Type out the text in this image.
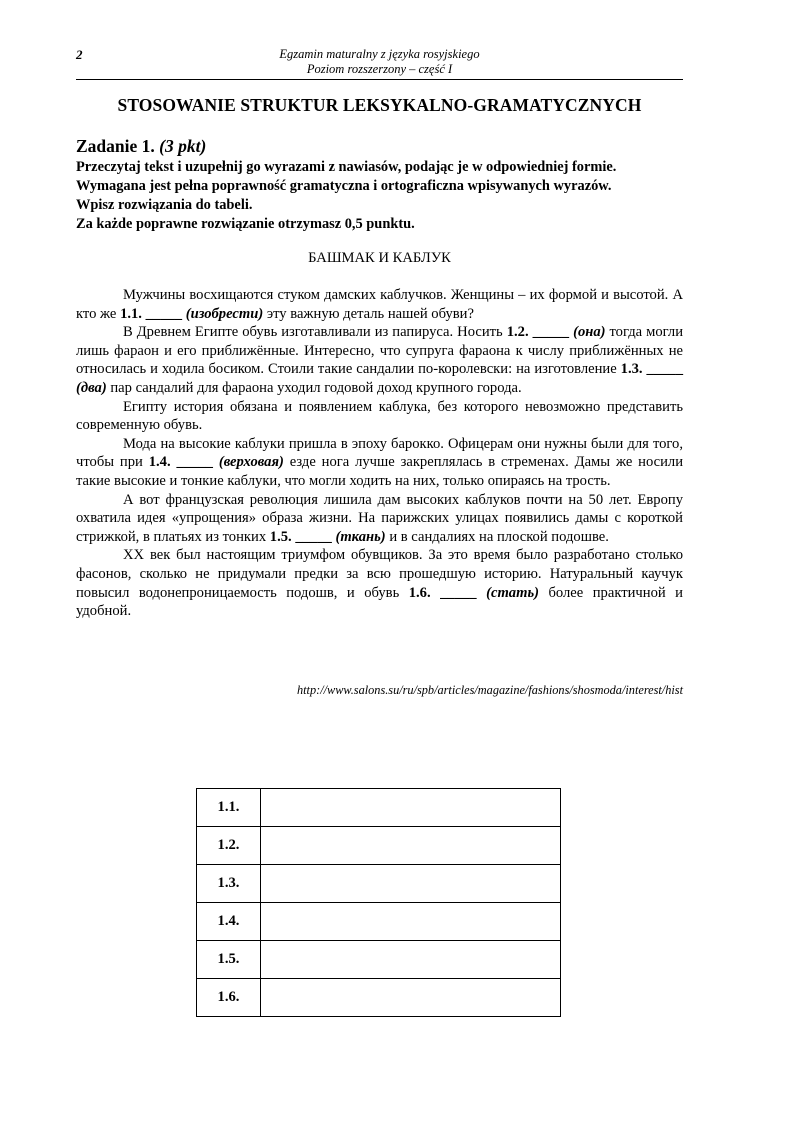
2	Egzamin maturalny z języka rosyjskiego
Poziom rozszerzony – część I
STOSOWANIE STRUKTUR LEKSYKALNO-GRAMATYCZNYCH
Zadanie 1. (3 pkt)
Przeczytaj tekst i uzupełnij go wyrazami z nawiasów, podając je w odpowiedniej formie.
Wymagana jest pełna poprawność gramatyczna i ortograficzna wpisywanych wyrazów.
Wpisz rozwiązania do tabeli.
Za każde poprawne rozwiązanie otrzymasz 0,5 punktu.
БАШМАК И КАБЛУК

Мужчины восхищаются стуком дамских каблучков. Женщины – их формой и высотой. А кто же 1.1. _____ (изобрести) эту важную деталь нашей обуви?

В Древнем Египте обувь изготавливали из папируса. Носить 1.2. _____ (она) тогда могли лишь фараон и его приближённые. Интересно, что супруга фараона к числу приближённых не относилась и ходила босиком. Стоили такие сандалии по-королевски: на изготовление 1.3. _____ (два) пар сандалий для фараона уходил годовой доход крупного города.

Египту история обязана и появлением каблука, без которого невозможно представить современную обувь.

Мода на высокие каблуки пришла в эпоху барокко. Офицерам они нужны были для того, чтобы при 1.4. _____ (верховая) езде нога лучше закреплялась в стременах. Дамы же носили такие высокие и тонкие каблуки, что могли ходить на них, только опираясь на трость.

А вот французская революция лишила дам высоких каблуков почти на 50 лет. Европу охватила идея «упрощения» образа жизни. На парижских улицах появились дамы с короткой стрижкой, в платьях из тонких 1.5. _____ (ткань) и в сандалиях на плоской подошве.

XX век был настоящим триумфом обувщиков. За это время было разработано столько фасонов, сколько не придумали предки за всю прошедшую историю. Натуральный каучук повысил водонепроницаемость подошв, и обувь 1.6. _____ (стать) более практичной и удобной.

http://www.salons.su/ru/spb/articles/magazine/fashions/shosmoda/interest/hist
1.1.	
1.2.	
1.3.	
1.4.	
1.5.	
1.6.	
